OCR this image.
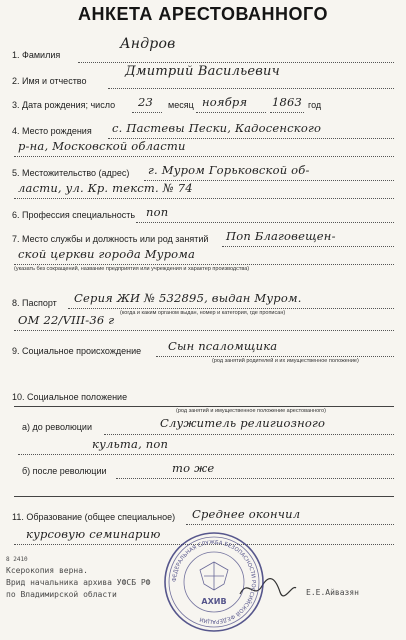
АНКЕТА АРЕСТОВАННОГО
1. Фамилия
Андров
2. Имя и отчество
Дмитрий Васильевич
3. Дата рождения; число 23 месяц ноября 1863 год
4. Место рождения с. Пастевы Пески, Кадосенского
р-на, Московской области
5. Местожительство (адрес) г. Муром Горьковской об-
ласти, ул. Кр. текст. № 74
6. Профессия специальность поп
7. Место службы и должность или род занятий Поп Благовещен-
ской церкви города Мурома
(указать без сокращений, название предприятия или учреждения и характер производства)
8. Паспорт Серия ЖИ № 532895, выдан Муром.
(когда и каким органом выдан, номер и категория, где прописан)
ОМ 22/VIII-36 г
9. Социальное происхождение Сын псаломщика
(род занятий родителей и их имущественное положение)
10. Социальное положение
(род занятий и имущественное положение арестованного)
а) до революции	Служитель религиозного
культа, поп
б) после революции	то же
11. Образование (общее специальное) Среднее окончил
курсовую семинарию
8 2410
Ксерокопия верна.
Врид начальника архива УФСБ РФ
по Владимирской области	Е.Е.Айвазян
ФЕДЕРАЛЬНАЯ СЛУЖБА БЕЗОПАСНОСТИ РОССИЙСКОЙ ФЕДЕРАЦИИ
АХИВ
